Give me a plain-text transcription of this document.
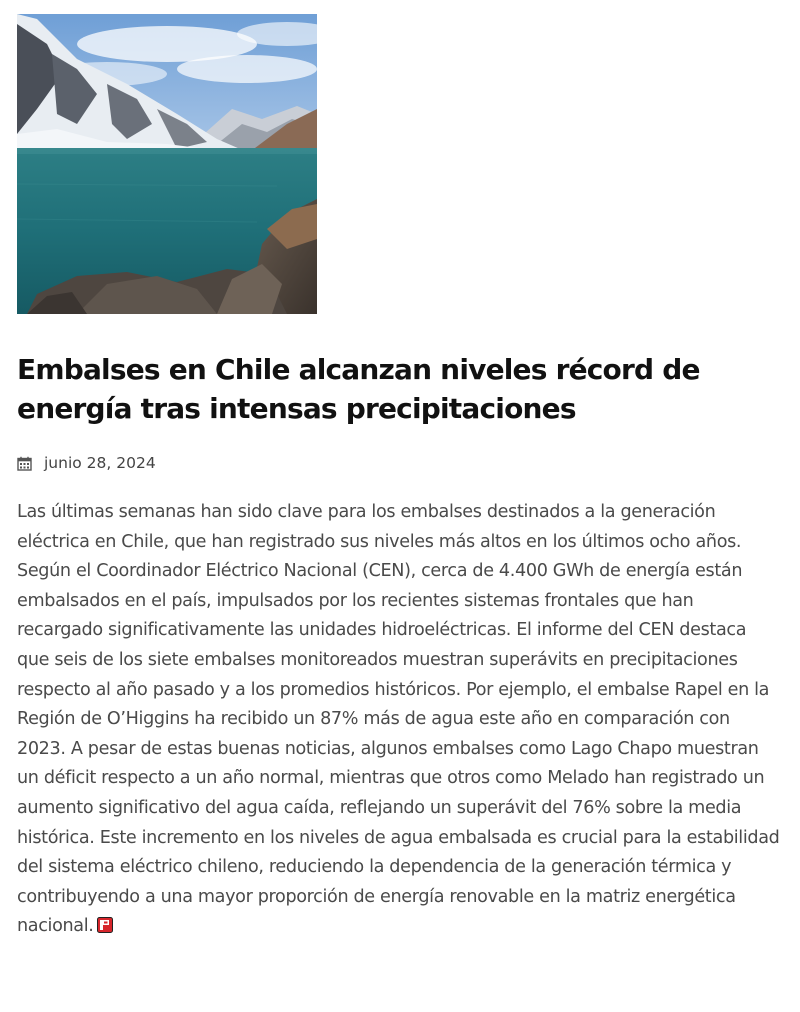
Embalses en Chile alcanzan niveles récord de energía tras intensas precipitaciones
junio 28, 2024
Las últimas semanas han sido clave para los embalses destinados a la generación eléctrica en Chile, que han registrado sus niveles más altos en los últimos ocho años. Según el Coordinador Eléctrico Nacional (CEN), cerca de 4.400 GWh de energía están embalsados en el país, impulsados por los recientes sistemas frontales que han recargado significativamente las unidades hidroeléctricas. El informe del CEN destaca que seis de los siete embalses monitoreados muestran superávits en precipitaciones respecto al año pasado y a los promedios históricos. Por ejemplo, el embalse Rapel en la Región de O’Higgins ha recibido un 87% más de agua este año en comparación con 2023. A pesar de estas buenas noticias, algunos embalses como Lago Chapo muestran un déficit respecto a un año normal, mientras que otros como Melado han registrado un aumento significativo del agua caída, reflejando un superávit del 76% sobre la media histórica. Este incremento en los niveles de agua embalsada es crucial para la estabilidad del sistema eléctrico chileno, reduciendo la dependencia de la generación térmica y contribuyendo a una mayor proporción de energía renovable en la matriz energética nacional.
